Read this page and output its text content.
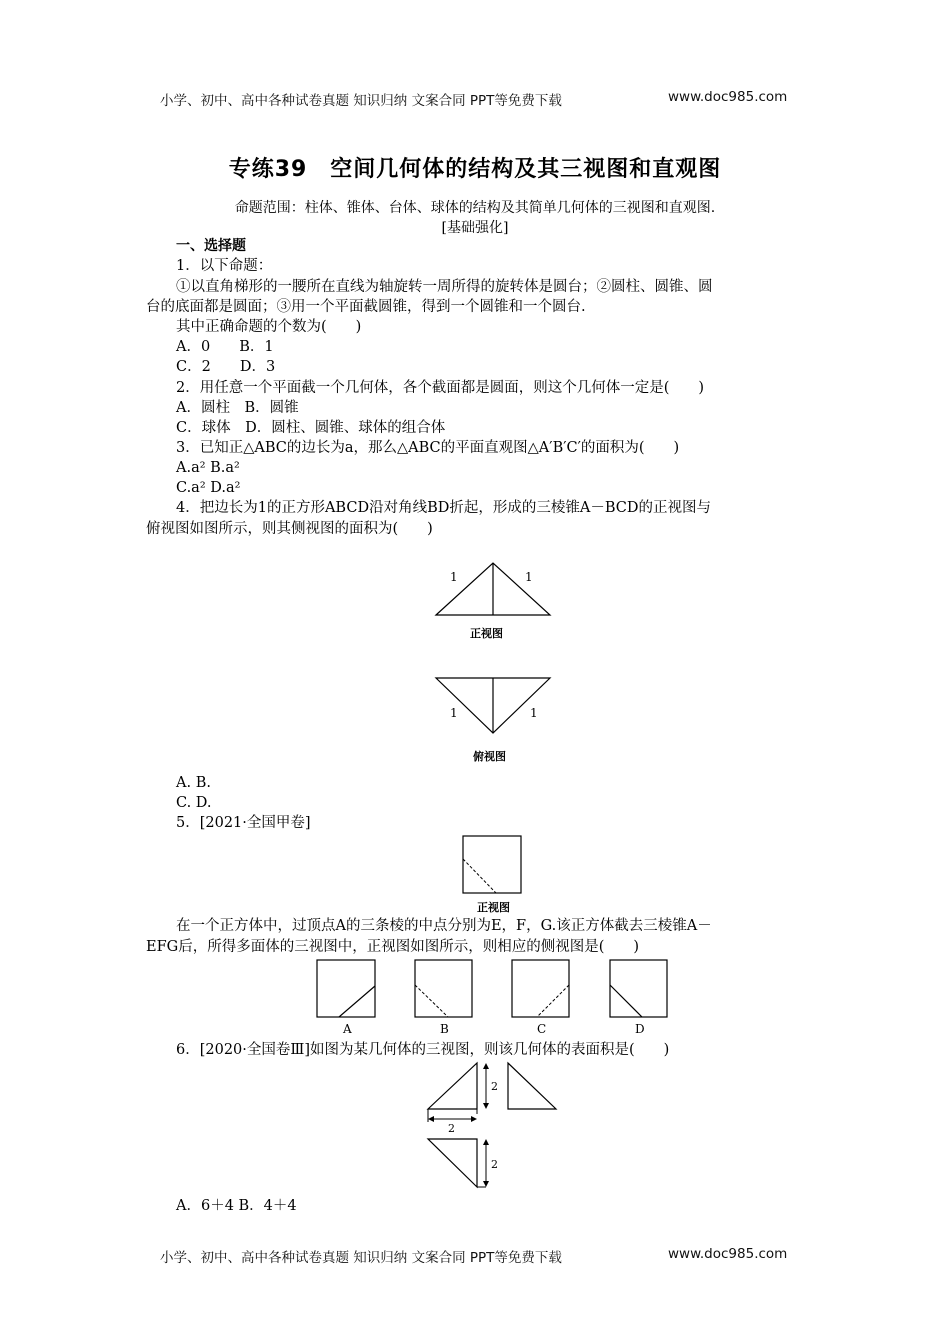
小学、初中、高中各种试卷真题 知识归纳 文案合同 PPT等免费下载	www.doc985.com
专练39　空间几何体的结构及其三视图和直观图
命题范围：柱体、锥体、台体、球体的结构及其简单几何体的三视图和直观图.
[基础强化]
一、选择题
1．以下命题：
①以直角梯形的一腰所在直线为轴旋转一周所得的旋转体是圆台；②圆柱、圆锥、圆
台的底面都是圆面；③用一个平面截圆锥，得到一个圆锥和一个圆台.
其中正确命题的个数为(　　)
A．0　　B．1
C．2　　D．3
2．用任意一个平面截一个几何体，各个截面都是圆面，则这个几何体一定是(　　)
A．圆柱　B．圆锥
C．球体　D．圆柱、圆锥、球体的组合体
3．已知正△ABC的边长为a，那么△ABC的平面直观图△A′B′C′的面积为(　　)
A.a² B.a²
C.a² D.a²
4．把边长为1的正方形ABCD沿对角线BD折起，形成的三棱锥A－BCD的正视图与
俯视图如图所示，则其侧视图的面积为(　　)
1	1
正视图
1	1
俯视图
A. B.
C. D.
5．[2021·全国甲卷]
正视图
在一个正方体中，过顶点A的三条棱的中点分别为E，F，G.该正方体截去三棱锥A－
EFG后，所得多面体的三视图中，正视图如图所示，则相应的侧视图是(　　)
A	B	C	D
6．[2020·全国卷Ⅲ]如图为某几何体的三视图，则该几何体的表面积是(　　)
2
2
2
A．6＋4 B．4＋4
小学、初中、高中各种试卷真题 知识归纳 文案合同 PPT等免费下载	www.doc985.com
